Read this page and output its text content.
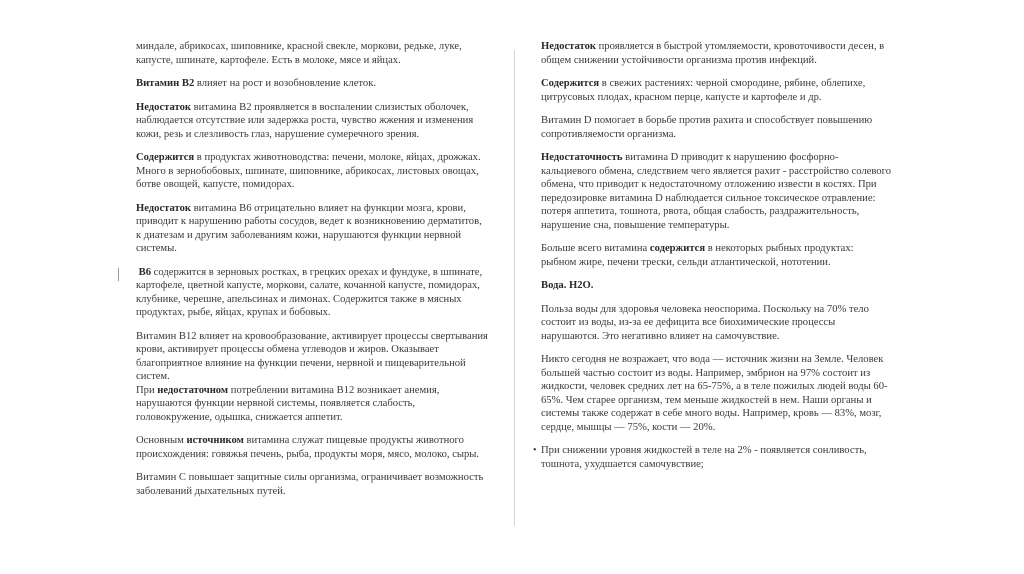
миндале, абрикосах, шиповнике, красной свекле, моркови, редьке, луке, капусте, шпинате, картофеле. Есть в молоке, мясе и яйцах.

Витамин В2 влияет на рост и возобновление клеток.

Недостаток витамина В2 проявляется в воспалении слизистых оболочек, наблюдается отсутствие или задержка роста, чувство жжения и изменения кожи, резь и слезливость глаз, нарушение сумеречного зрения.

Содержится в продуктах животноводства: печени, молоке, яйцах, дрожжах. Много в зернобобовых, шпинате, шиповнике, абрикосах, листовых овощах, ботве овощей, капусте, помидорах.

Недостаток витамина В6 отрицательно влияет на функции мозга, крови, приводит к нарушению работы сосудов, ведет к возникновению дерматитов, к диатезам и другим заболеваниям кожи, нарушаются функции нервной системы.

В6 содержится в зерновых ростках, в грецких орехах и фундуке, в шпинате, картофеле, цветной капусте, моркови, салате, кочанной капусте, помидорах, клубнике, черешне, апельсинах и лимонах. Содержится также в мясных продуктах, рыбе, яйцах, крупах и бобовых.

Витамин В12 влияет на кровообразование, активирует процессы свертывания крови, активирует процессы обмена углеводов и жиров. Оказывает благоприятное влияние на функции печени, нервной и пищеварительной систем.

При недостаточном потреблении витамина В12 возникает анемия, нарушаются функции нервной системы, появляется слабость, головокружение, одышка, снижается аппетит.

Основным источником витамина служат пищевые продукты животного происхождения: говяжья печень, рыба, продукты моря, мясо, молоко, сыры.

Витамин С повышает защитные силы организма, ограничивает возможность заболеваний дыхательных путей.

Недостаток проявляется в быстрой утомляемости, кровоточивости десен, в общем снижении устойчивости организма против инфекций.

Содержится в свежих растениях: черной смородине, рябине, облепихе, цитрусовых плодах, красном перце, капусте и картофеле и др.

Витамин D помогает в борьбе против рахита и способствует повышению сопротивляемости организма.

Недостаточность витамина D приводит к нарушению фосфорно-кальциевого обмена, следствием чего является рахит - расстройство солевого обмена, что приводит к недостаточному отложению извести в костях. При передозировке витамина D наблюдается сильное токсическое отравление: потеря аппетита, тошнота, рвота, общая слабость, раздражительность, нарушение сна, повышение температуры.

Больше всего витамина содержится в некоторых рыбных продуктах: рыбном жире, печени трески, сельди атлантической, нототении.

Вода. Н2О.

Польза воды для здоровья человека неоспорима. Поскольку на 70% тело состоит из воды, из-за ее дефицита все биохимические процессы нарушаются. Это негативно влияет на самочувствие.

Никто сегодня не возражает, что вода — источник жизни на Земле. Человек большей частью состоит из воды. Например, эмбрион на 97% состоит из жидкости, человек средних лет на 65-75%, а в теле пожилых людей воды 60-65%. Чем старее организм, тем меньше жидкостей в нем. Наши органы и системы также содержат в себе много воды. Например, кровь — 83%, мозг, сердце, мышцы — 75%, кости — 20%.

• При снижении уровня жидкостей в теле на 2% - появляется сонливость, тошнота, ухудшается самочувствие;
